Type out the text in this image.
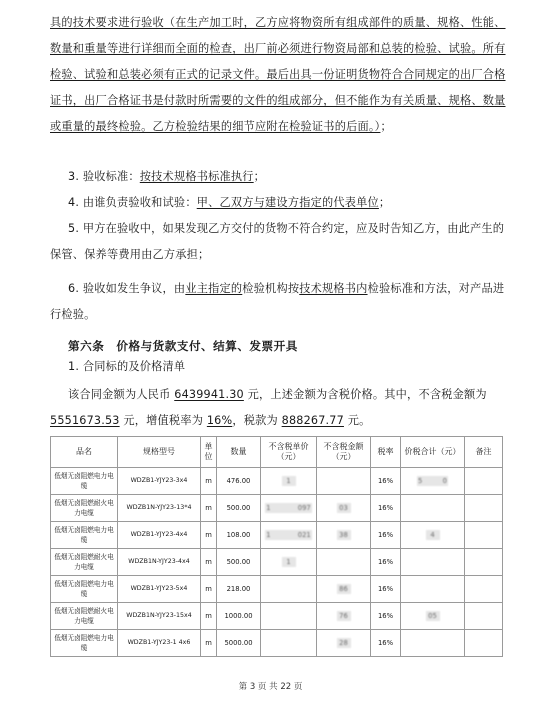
具的技术要求进行验收（在生产加工时，乙方应将物资所有组成部件的质量、规格、性能、
数量和重量等进行详细而全面的检查，出厂前必须进行物资局部和总装的检验、试验。所有
检验、试验和总装必须有正式的记录文件。最后出具一份证明货物符合合同规定的出厂合格
证书，出厂合格证书是付款时所需要的文件的组成部分，但不能作为有关质量、规格、数量
或重量的最终检验。乙方检验结果的细节应附在检验证书的后面。）；
3. 验收标准：按技术规格书标准执行；
4. 由谁负责验收和试验：甲、乙双方与建设方指定的代表单位；
5. 甲方在验收中，如果发现乙方交付的货物不符合约定，应及时告知乙方，由此产生的
保管、保养等费用由乙方承担；
6. 验收如发生争议，由业主指定的检验机构按技术规格书内检验标准和方法，对产品进
行检验。
第六条　价格与货款支付、结算、发票开具
1. 合同标的及价格清单
该合同金额为人民币 6439941.30 元，上述金额为含税价格。其中，不含税金额为
5551673.53 元，增值税率为 16%，税款为 888267.77 元。
品名	规格型号	单位	数量	不含税单价（元）	不含税金额（元）	税率	价税合计（元）	备注
低烟无卤阻燃电力电缆	WDZB1-YJY23-3x4	m	476.00	1		16%	5　　　0	
低烟无卤阻燃耐火电力电缆	WDZB1N-YJY23-13*4	m	500.00	1　　　　097	03	16%		
低烟无卤阻燃电力电缆	WDZB1-YJY23-4x4	m	108.00	1　　　　021	38	16%	4	
低烟无卤阻燃耐火电力电缆	WDZB1N-YJY23-4x4	m	500.00	1		16%		
低烟无卤阻燃电力电缆	WDZB1-YJY23-5x4	m	218.00		86	16%		
低烟无卤阻燃耐火电力电缆	WDZB1N-YJY23-15x4	m	1000.00		76	16%	05	
低烟无卤阻燃电力电缆	WDZB1-YJY23-1 4x6	m	5000.00		28	16%		
第 3 页 共 22 页
